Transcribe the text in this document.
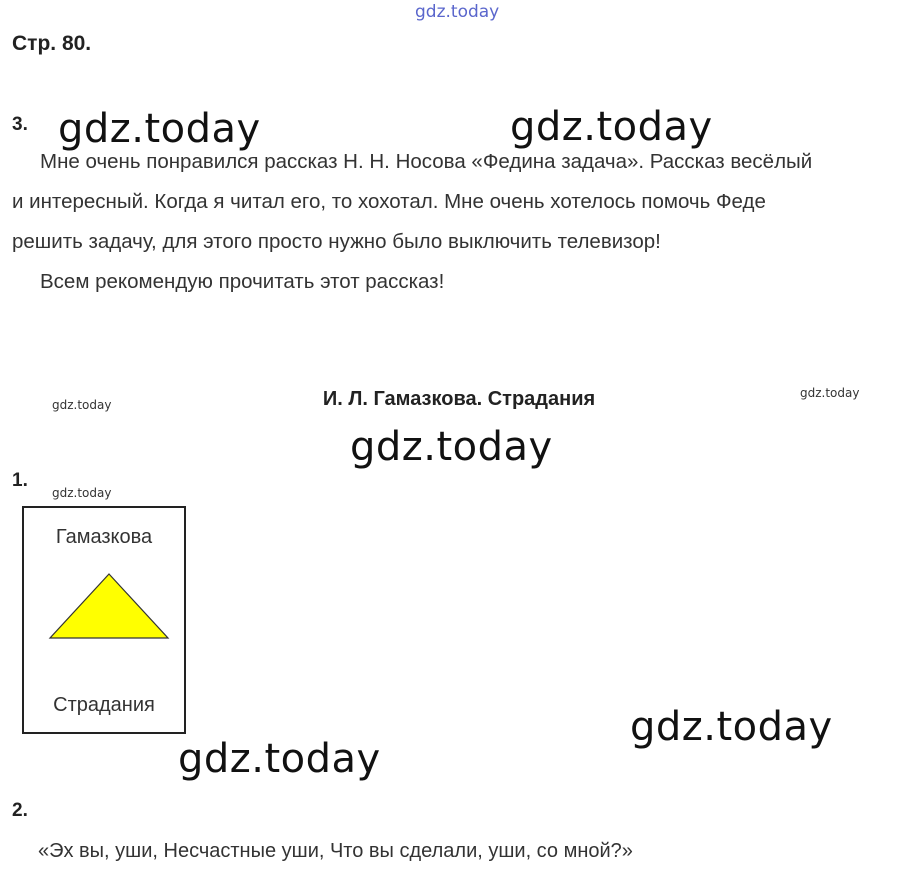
gdz.today
Стр. 80.
3.
Мне очень понравился рассказ Н. Н. Носова «Федина задача». Рассказ весёлый
и интересный. Когда я читал его, то хохотал. Мне очень хотелось помочь Феде
решить задачу, для этого просто нужно было выключить телевизор!
Всем рекомендую прочитать этот рассказ!
gdz.today	gdz.today
gdz.today
gdz.today
gdz.today
gdz.today
gdz.today
gdz.today
И. Л. Гамазкова. Страдания
1.
Гамазкова
Страдания
2.
«Эх вы, уши, Несчастные уши, Что вы сделали, уши, со мной?»
